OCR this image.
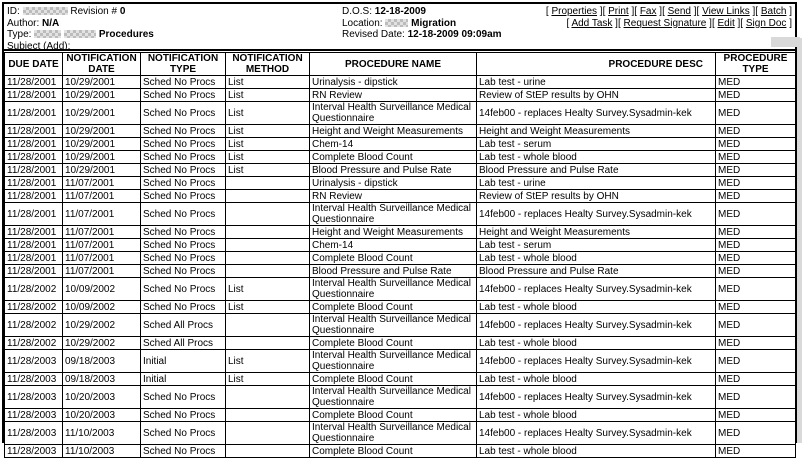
ID:	Revision # 0
Author: N/A
Type:	Procedures
Subject (Add):
D.O.S: 12-18-2009
Location:	Migration
Revised Date: 12-18-2009 09:09am
[ Properties ] [ Print ] [ Fax ] [ Send ] [ View Links ] [ Batch ]
[ Add Task ] [ Request Signature ] [ Edit ] [ Sign Doc ]
DUE DATE	NOTIFICATION DATE	NOTIFICATION TYPE	NOTIFICATION METHOD	PROCEDURE NAME	PROCEDURE DESC	PROCEDURE TYPE
11/28/2001	10/29/2001	Sched No Procs	List	Urinalysis - dipstick	Lab test - urine	MED
11/28/2001	10/29/2001	Sched No Procs	List	RN Review	Review of StEP results by OHN	MED
11/28/2001	10/29/2001	Sched No Procs	List	Interval Health Surveillance Medical Questionnaire	14feb00 - replaces Healty Survey.Sysadmin-kek	MED
11/28/2001	10/29/2001	Sched No Procs	List	Height and Weight Measurements	Height and Weight Measurements	MED
11/28/2001	10/29/2001	Sched No Procs	List	Chem-14	Lab test - serum	MED
11/28/2001	10/29/2001	Sched No Procs	List	Complete Blood Count	Lab test - whole blood	MED
11/28/2001	10/29/2001	Sched No Procs	List	Blood Pressure and Pulse Rate	Blood Pressure and Pulse Rate	MED
11/28/2001	11/07/2001	Sched No Procs		Urinalysis - dipstick	Lab test - urine	MED
11/28/2001	11/07/2001	Sched No Procs		RN Review	Review of StEP results by OHN	MED
11/28/2001	11/07/2001	Sched No Procs		Interval Health Surveillance Medical Questionnaire	14feb00 - replaces Healty Survey.Sysadmin-kek	MED
11/28/2001	11/07/2001	Sched No Procs		Height and Weight Measurements	Height and Weight Measurements	MED
11/28/2001	11/07/2001	Sched No Procs		Chem-14	Lab test - serum	MED
11/28/2001	11/07/2001	Sched No Procs		Complete Blood Count	Lab test - whole blood	MED
11/28/2001	11/07/2001	Sched No Procs		Blood Pressure and Pulse Rate	Blood Pressure and Pulse Rate	MED
11/28/2002	10/09/2002	Sched No Procs	List	Interval Health Surveillance Medical Questionnaire	14feb00 - replaces Healty Survey.Sysadmin-kek	MED
11/28/2002	10/09/2002	Sched No Procs	List	Complete Blood Count	Lab test - whole blood	MED
11/28/2002	10/29/2002	Sched All Procs		Interval Health Surveillance Medical Questionnaire	14feb00 - replaces Healty Survey.Sysadmin-kek	MED
11/28/2002	10/29/2002	Sched All Procs		Complete Blood Count	Lab test - whole blood	MED
11/28/2003	09/18/2003	Initial	List	Interval Health Surveillance Medical Questionnaire	14feb00 - replaces Healty Survey.Sysadmin-kek	MED
11/28/2003	09/18/2003	Initial	List	Complete Blood Count	Lab test - whole blood	MED
11/28/2003	10/20/2003	Sched No Procs		Interval Health Surveillance Medical Questionnaire	14feb00 - replaces Healty Survey.Sysadmin-kek	MED
11/28/2003	10/20/2003	Sched No Procs		Complete Blood Count	Lab test - whole blood	MED
11/28/2003	11/10/2003	Sched No Procs		Interval Health Surveillance Medical Questionnaire	14feb00 - replaces Healty Survey.Sysadmin-kek	MED
11/28/2003	11/10/2003	Sched No Procs		Complete Blood Count	Lab test - whole blood	MED
